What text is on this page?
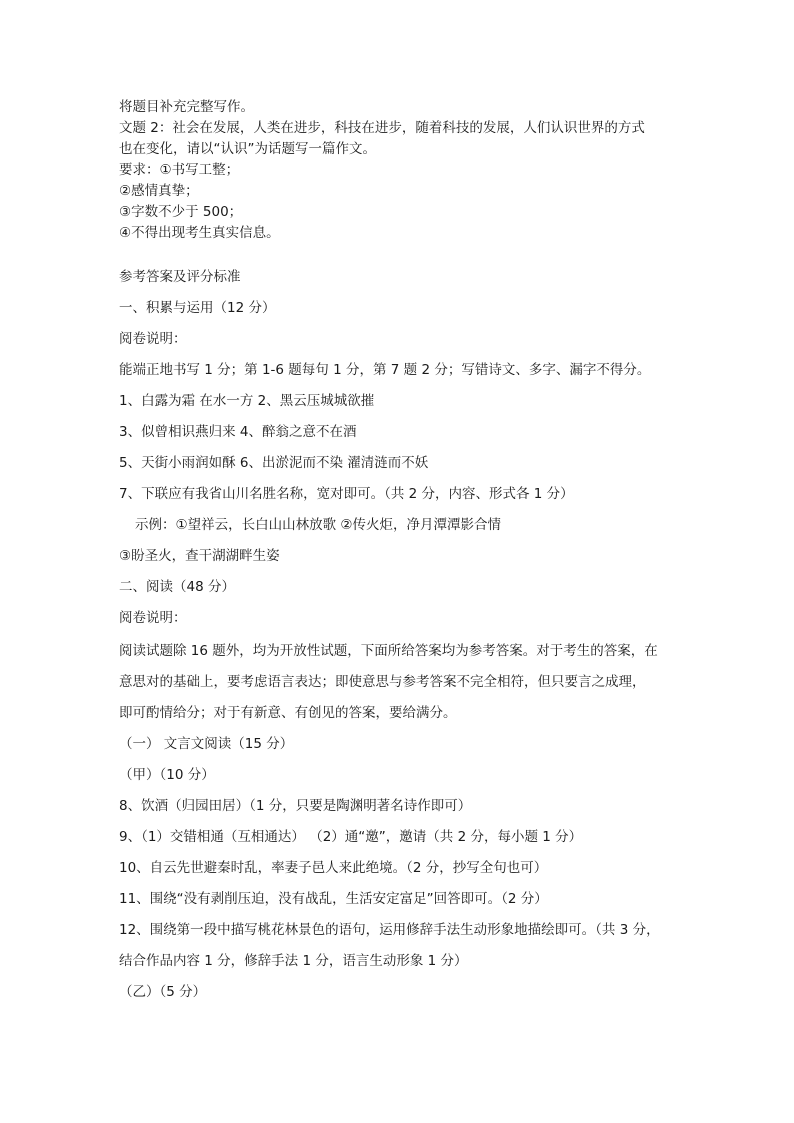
将题目补充完整写作。
文题 2：社会在发展，人类在进步，科技在进步，随着科技的发展，人们认识世界的方式
也在变化，请以“认识”为话题写一篇作文。
要求：①书写工整；
②感情真挚；
③字数不少于 500；
④不得出现考生真实信息。
参考答案及评分标准
一、积累与运用（12 分）
阅卷说明：
能端正地书写 1 分；第 1-6 题每句 1 分，第 7 题 2 分；写错诗文、多字、漏字不得分。
1、白露为霜 在水一方 2、黑云压城城欲摧
3、似曾相识燕归来 4、醉翁之意不在酒
5、天街小雨润如酥 6、出淤泥而不染 濯清涟而不妖
7、下联应有我省山川名胜名称，宽对即可。（共 2 分，内容、形式各 1 分）
示例：①望祥云，长白山山林放歌 ②传火炬，净月潭潭影合情
③盼圣火，查干湖湖畔生姿
二、阅读（48 分）
阅卷说明：
阅读试题除 16 题外，均为开放性试题，下面所给答案均为参考答案。对于考生的答案，在
意思对的基础上，要考虑语言表达；即使意思与参考答案不完全相符，但只要言之成理，
即可酌情给分；对于有新意、有创见的答案，要给满分。
（一） 文言文阅读（15 分）
（甲）（10 分）
8、饮酒（归园田居）（1 分，只要是陶渊明著名诗作即可）
9、（1）交错相通（互相通达） （2）通“邀”，邀请（共 2 分，每小题 1 分）
10、自云先世避秦时乱，率妻子邑人来此绝境。（2 分，抄写全句也可）
11、围绕“没有剥削压迫，没有战乱，生活安定富足”回答即可。（2 分）
12、围绕第一段中描写桃花林景色的语句，运用修辞手法生动形象地描绘即可。（共 3 分，
结合作品内容 1 分，修辞手法 1 分，语言生动形象 1 分）
（乙）（5 分）
